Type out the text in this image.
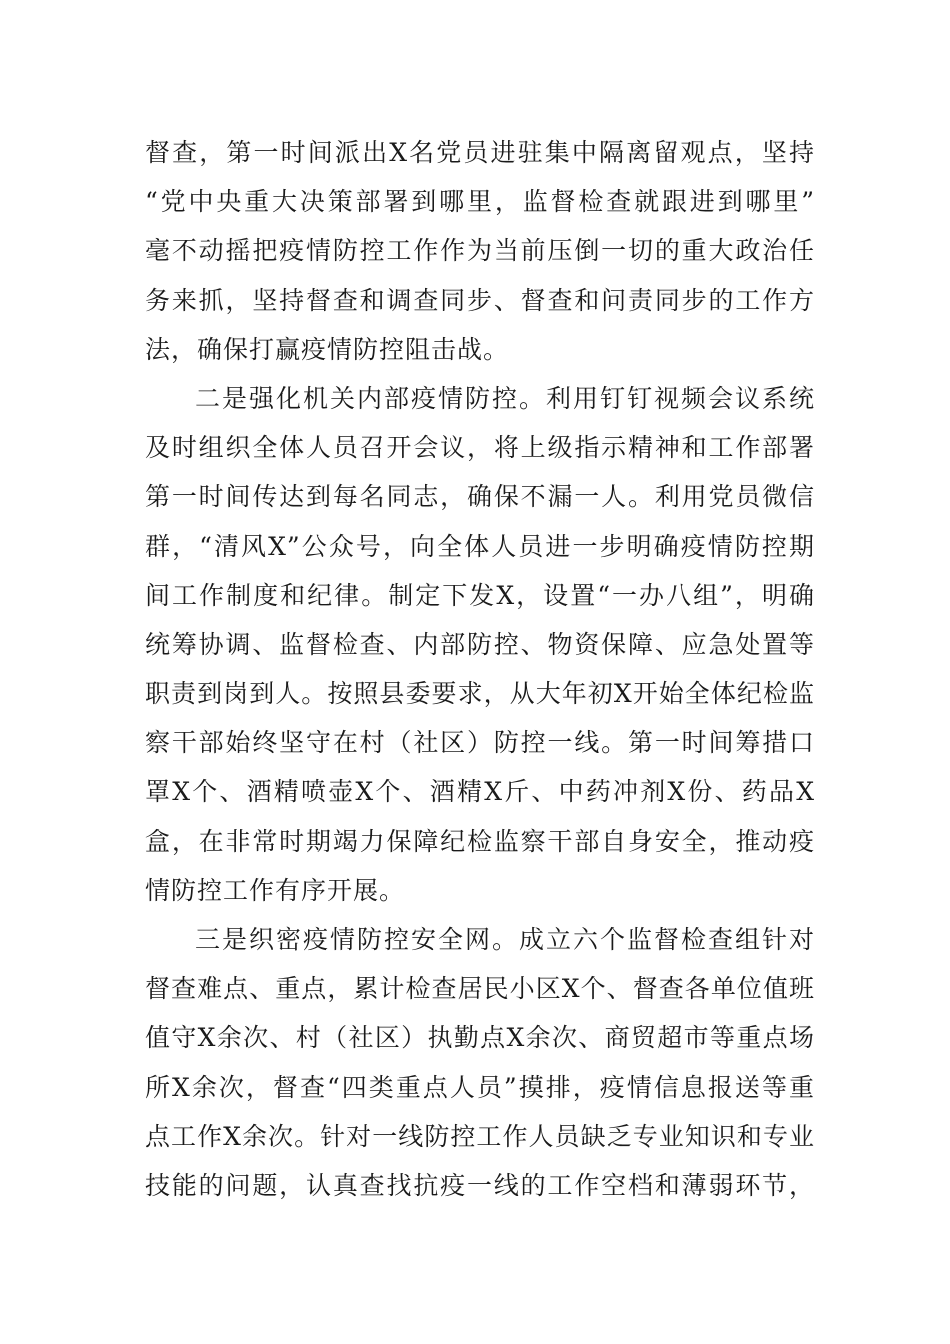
督查，第一时间派出X名党员进驻集中隔离留观点，坚持
“党中央重大决策部署到哪里，监督检查就跟进到哪里”
毫不动摇把疫情防控工作作为当前压倒一切的重大政治任
务来抓，坚持督查和调查同步、督查和问责同步的工作方
法，确保打赢疫情防控阻击战。
二是强化机关内部疫情防控。利用钉钉视频会议系统
及时组织全体人员召开会议，将上级指示精神和工作部署
第一时间传达到每名同志，确保不漏一人。利用党员微信
群，“清风X”公众号，向全体人员进一步明确疫情防控期
间工作制度和纪律。制定下发X，设置“一办八组”，明确
统筹协调、监督检查、内部防控、物资保障、应急处置等
职责到岗到人。按照县委要求，从大年初X开始全体纪检监
察干部始终坚守在村（社区）防控一线。第一时间筹措口
罩X个、酒精喷壶X个、酒精X斤、中药冲剂X份、药品X
盒，在非常时期竭力保障纪检监察干部自身安全，推动疫
情防控工作有序开展。
三是织密疫情防控安全网。成立六个监督检查组针对
督查难点、重点，累计检查居民小区X个、督查各单位值班
值守X余次、村（社区）执勤点X余次、商贸超市等重点场
所X余次，督查“四类重点人员”摸排，疫情信息报送等重
点工作X余次。针对一线防控工作人员缺乏专业知识和专业
技能的问题，认真查找抗疫一线的工作空档和薄弱环节，
